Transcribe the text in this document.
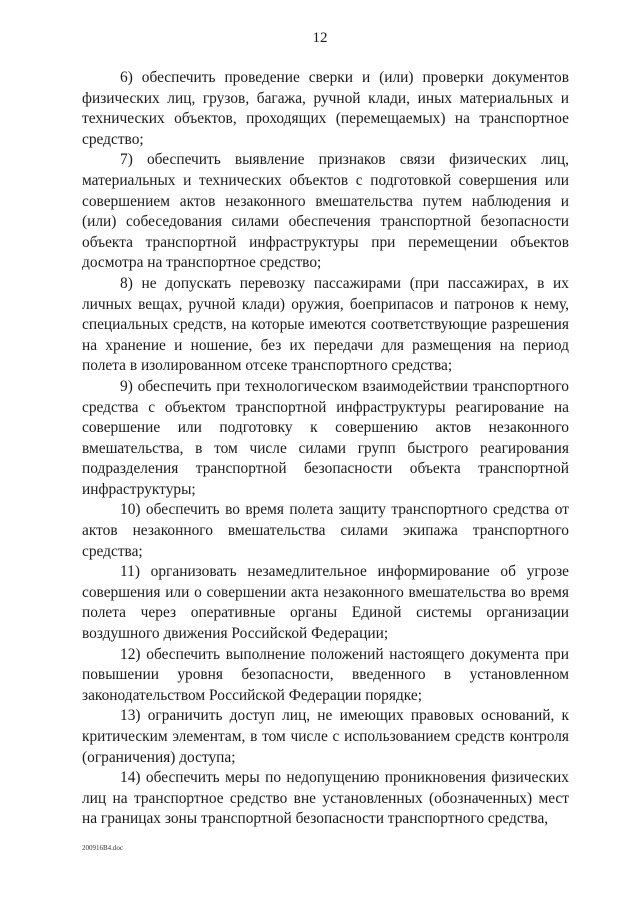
12

6) обеспечить проведение сверки и (или) проверки документов физических лиц, грузов, багажа, ручной клади, иных материальных и технических объектов, проходящих (перемещаемых) на транспортное средство;

7) обеспечить выявление признаков связи физических лиц, материальных и технических объектов с подготовкой совершения или совершением актов незаконного вмешательства путем наблюдения и (или) собеседования силами обеспечения транспортной безопасности объекта транспортной инфраструктуры при перемещении объектов досмотра на транспортное средство;

8) не допускать перевозку пассажирами (при пассажирах, в их личных вещах, ручной клади) оружия, боеприпасов и патронов к нему, специальных средств, на которые имеются соответствующие разрешения на хранение и ношение, без их передачи для размещения на период полета в изолированном отсеке транспортного средства;

9) обеспечить при технологическом взаимодействии транспортного средства с объектом транспортной инфраструктуры реагирование на совершение или подготовку к совершению актов незаконного вмешательства, в том числе силами групп быстрого реагирования подразделения транспортной безопасности объекта транспортной инфраструктуры;

10) обеспечить во время полета защиту транспортного средства от актов незаконного вмешательства силами экипажа транспортного средства;

11) организовать незамедлительное информирование об угрозе совершения или о совершении акта незаконного вмешательства во время полета через оперативные органы Единой системы организации воздушного движения Российской Федерации;

12) обеспечить выполнение положений настоящего документа при повышении уровня безопасности, введенного в установленном законодательством Российской Федерации порядке;

13) ограничить доступ лиц, не имеющих правовых оснований, к критическим элементам, в том числе с использованием средств контроля (ограничения) доступа;

14) обеспечить меры по недопущению проникновения физических лиц на транспортное средство вне установленных (обозначенных) мест на границах зоны транспортной безопасности транспортного средства,

200916B4.doc
